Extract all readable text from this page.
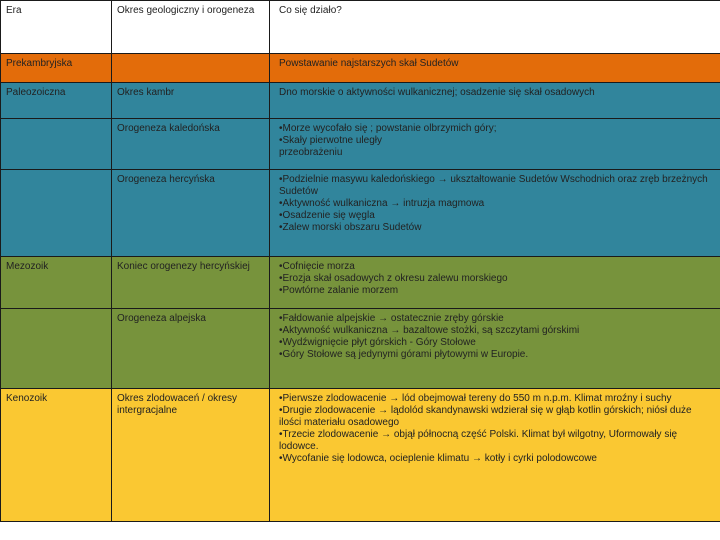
Era	Okres geologiczny i orogeneza	Co się działo?
Prekambryjska		Powstawanie najstarszych skał Sudetów

Paleozoiczna	Okres kambr	Dno morskie o aktywności wulkanicznej; osadzenie się skał osadowych

	Orogeneza kaledońska	•Morze wycofało się ; powstanie olbrzymich góry;
•Skały pierwotne uległy
przeobrażeniu

	Orogeneza hercyńska	•Podzielnie masywu kaledońskiego → ukształtowanie Sudetów Wschodnich oraz zręb brzeżnych Sudetów
•Aktywność wulkaniczna → intruzja magmowa
•Osadzenie się węgla
•Zalew morski obszaru Sudetów

Mezozoik	Koniec orogenezy hercyńskiej	•Cofnięcie morza
•Erozja skał osadowych z okresu zalewu morskiego
•Powtórne zalanie morzem

	Orogeneza alpejska	•Fałdowanie alpejskie → ostatecznie zręby górskie
•Aktywność wulkaniczna → bazaltowe stożki, są szczytami górskimi
•Wydźwignięcie płyt górskich - Góry Stołowe
•Góry Stołowe są jedynymi górami płytowymi w Europie.

Kenozoik	Okres zlodowaceń / okresy intergracjalne	•Pierwsze zlodowacenie → lód obejmował tereny do 550 m n.p.m. Klimat mroźny i suchy
•Drugie zlodowacenie → lądolód skandynawski wdzierał się w głąb kotlin górskich; niósł duże ilości materiału osadowego
•Trzecie zlodowacenie → objął północną część Polski. Klimat był wilgotny, Uformowały się lodowce.
•Wycofanie się lodowca, ocieplenie klimatu → kotły i cyrki polodowcowe
